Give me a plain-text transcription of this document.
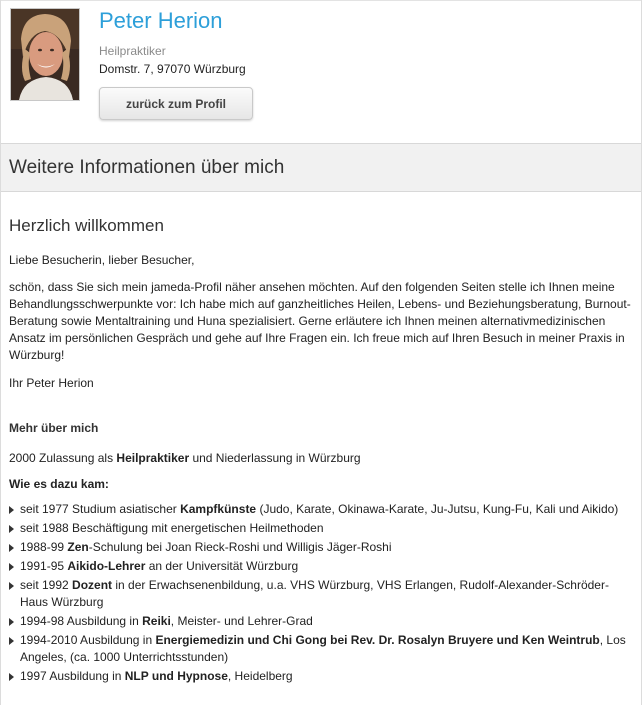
Peter Herion
Heilpraktiker
Domstr. 7, 97070 Würzburg
zurück zum Profil
Weitere Informationen über mich
Herzlich willkommen

Liebe Besucherin, lieber Besucher,

schön, dass Sie sich mein jameda-Profil näher ansehen möchten. Auf den folgenden Seiten stelle ich Ihnen meine Behandlungsschwerpunkte vor: Ich habe mich auf ganzheitliches Heilen, Lebens- und Beziehungsberatung, Burnout-Beratung sowie Mentaltraining und Huna spezialisiert. Gerne erläutere ich Ihnen meinen alternativmedizinischen Ansatz im persönlichen Gespräch und gehe auf Ihre Fragen ein. Ich freue mich auf Ihren Besuch in meiner Praxis in Würzburg!

Ihr Peter Herion

Mehr über mich

2000 Zulassung als Heilpraktiker und Niederlassung in Würzburg

Wie es dazu kam:

seit 1977 Studium asiatischer Kampfkünste (Judo, Karate, Okinawa-Karate, Ju-Jutsu, Kung-Fu, Kali und Aikido)
seit 1988 Beschäftigung mit energetischen Heilmethoden
1988-99 Zen-Schulung bei Joan Rieck-Roshi und Willigis Jäger-Roshi
1991-95 Aikido-Lehrer an der Universität Würzburg
seit 1992 Dozent in der Erwachsenenbildung, u.a. VHS Würzburg, VHS Erlangen, Rudolf-Alexander-Schröder-Haus Würzburg
1994-98 Ausbildung in Reiki, Meister- und Lehrer-Grad
1994-2010 Ausbildung in Energiemedizin und Chi Gong bei Rev. Dr. Rosalyn Bruyere und Ken Weintrub, Los Angeles, (ca. 1000 Unterrichtsstunden)
1997 Ausbildung in NLP und Hypnose, Heidelberg
